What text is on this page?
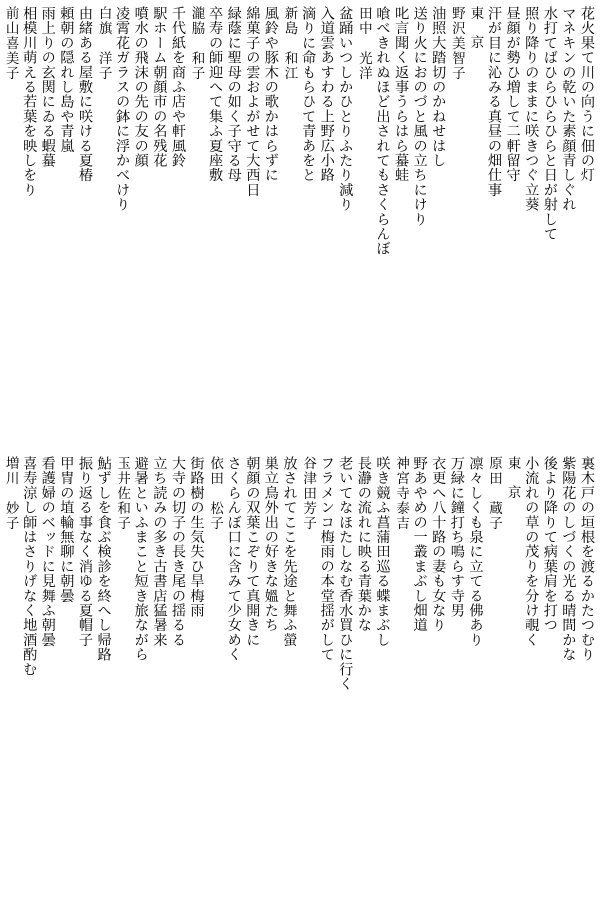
花火果て川の向うに佃の灯
マネキンの乾いた素顔青しぐれ
水打てばひらひらひらと日が射して
照り降りのままに咲きつぐ立葵
昼顔が勢ひ増して二軒留守
汗が目に沁みる真昼の畑仕事
東　京
野沢美智子
油照大踏切のかねせはし
送り火におのづと風の立ちにけり
叱言聞く返事うらはら蟇蛙
喰べきれぬほど出されてもさくらんぼ
田中　光洋
盆踊いつしかひとりふたり減り
入道雲あすわる上野広小路
滴りに命もらひて青あをと
新島　和江
風鈴や豚木の歌かはらずに
綿菓子の雲およがせて大西日
緑蔭に聖母の如く子守る母
卒寿の師迎へて集ふ夏座敷
瀧脇　和子
千代紙を商ふ店や軒風鈴
駅ホーム朝顔市の名残花
噴水の飛沫の先の友の顔
凌霄花ガラスの鉢に浮かべけり
白旗　洋子
由緒ある屋敷に咲ける夏椿
頼朝の隠れし島や青嵐
雨上りの玄関にゐる蝦蟇
相模川萌える若葉を映しをり
前山喜美子
裏木戸の垣根を渡るかたつむり
紫陽花のしづくの光る晴間かな
後より降りて病葉肩を打つ
小流れの草の茂りを分け覗く
東　京
原田　蔵子
凛々しくも泉に立てる佛あり
万緑に鐘打ち鳴らす寺男
衣更へ八十路の妻も女なり
野あやめの一叢まぶし畑道
神宮寺泰吉
咲き競ふ菖蒲田巡る蝶まぶし
長瀞の流れに映る青葉かな
老いてなほたしなむ香水買ひに行く
フラメンコ梅雨の本堂揺がして
谷津田芳子
放されてここを先途と舞ふ螢
巣立鳥外出の好きな媼たち
朝顔の双葉こぞりて真開きに
さくらんぼ口に含みて少女めく
依田　松子
街路樹の生気失ひ旱梅雨
大寺の切子の長き尾の揺るる
立ち読みの多き古書店猛暑来
避暑といふまこと短き旅ながら
玉井佐和子
鮎ずしを食ぶ検診を終へし帰路
振り返る事なく消ゆる夏帽子
甲冑の埴輪無聊に朝曇
看護婦のベッドに見舞ふ朝曇
喜寿涼し師はさりげなく地酒酌む
増川　妙子
